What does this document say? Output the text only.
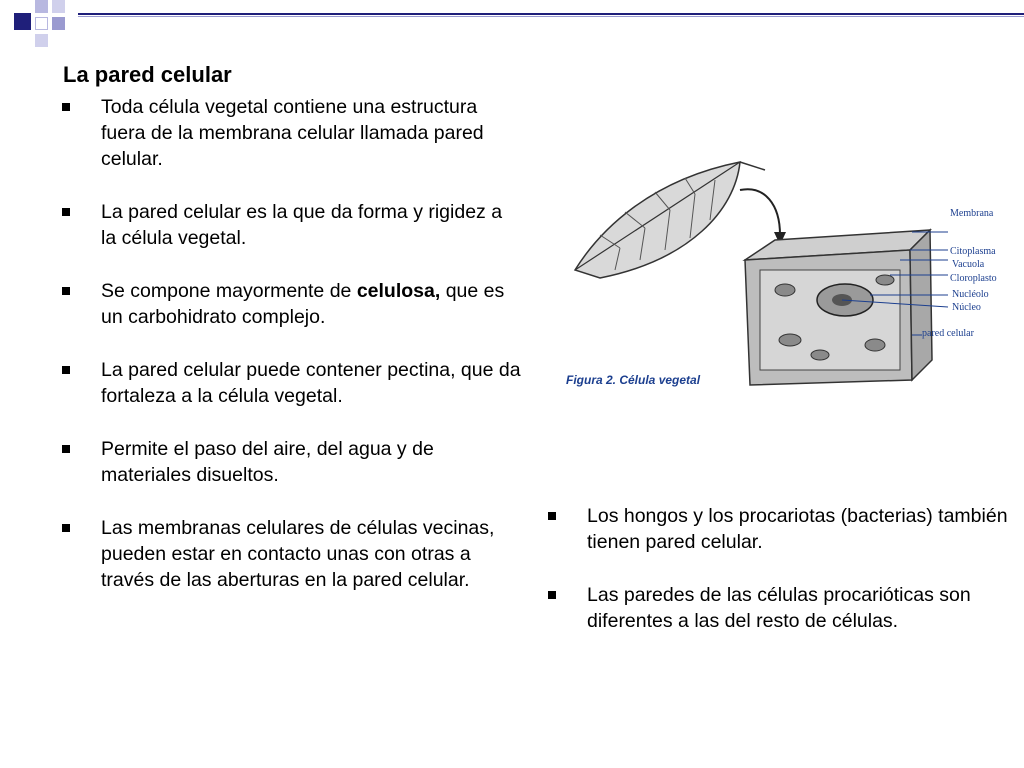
La pared celular
Toda célula vegetal contiene una estructura fuera de la membrana celular llamada pared celular.
La pared celular es la que da forma y rigidez a la célula vegetal.
Se compone mayormente de celulosa, que es un carbohidrato complejo.
La pared celular puede contener pectina, que da fortaleza a la célula vegetal.
Permite el paso del aire, del agua y de materiales disueltos.
Las membranas celulares de células vecinas, pueden estar en contacto unas con otras a través de las aberturas en la pared celular.
Los hongos y los procariotas (bacterias) también tienen pared celular.
Las paredes de las células procarióticas son diferentes a las del resto de células.
Membrana
Citoplasma
Vacuola
Cloroplasto
Nucléolo
Núcleo
pared celular
Figura 2. Célula vegetal
